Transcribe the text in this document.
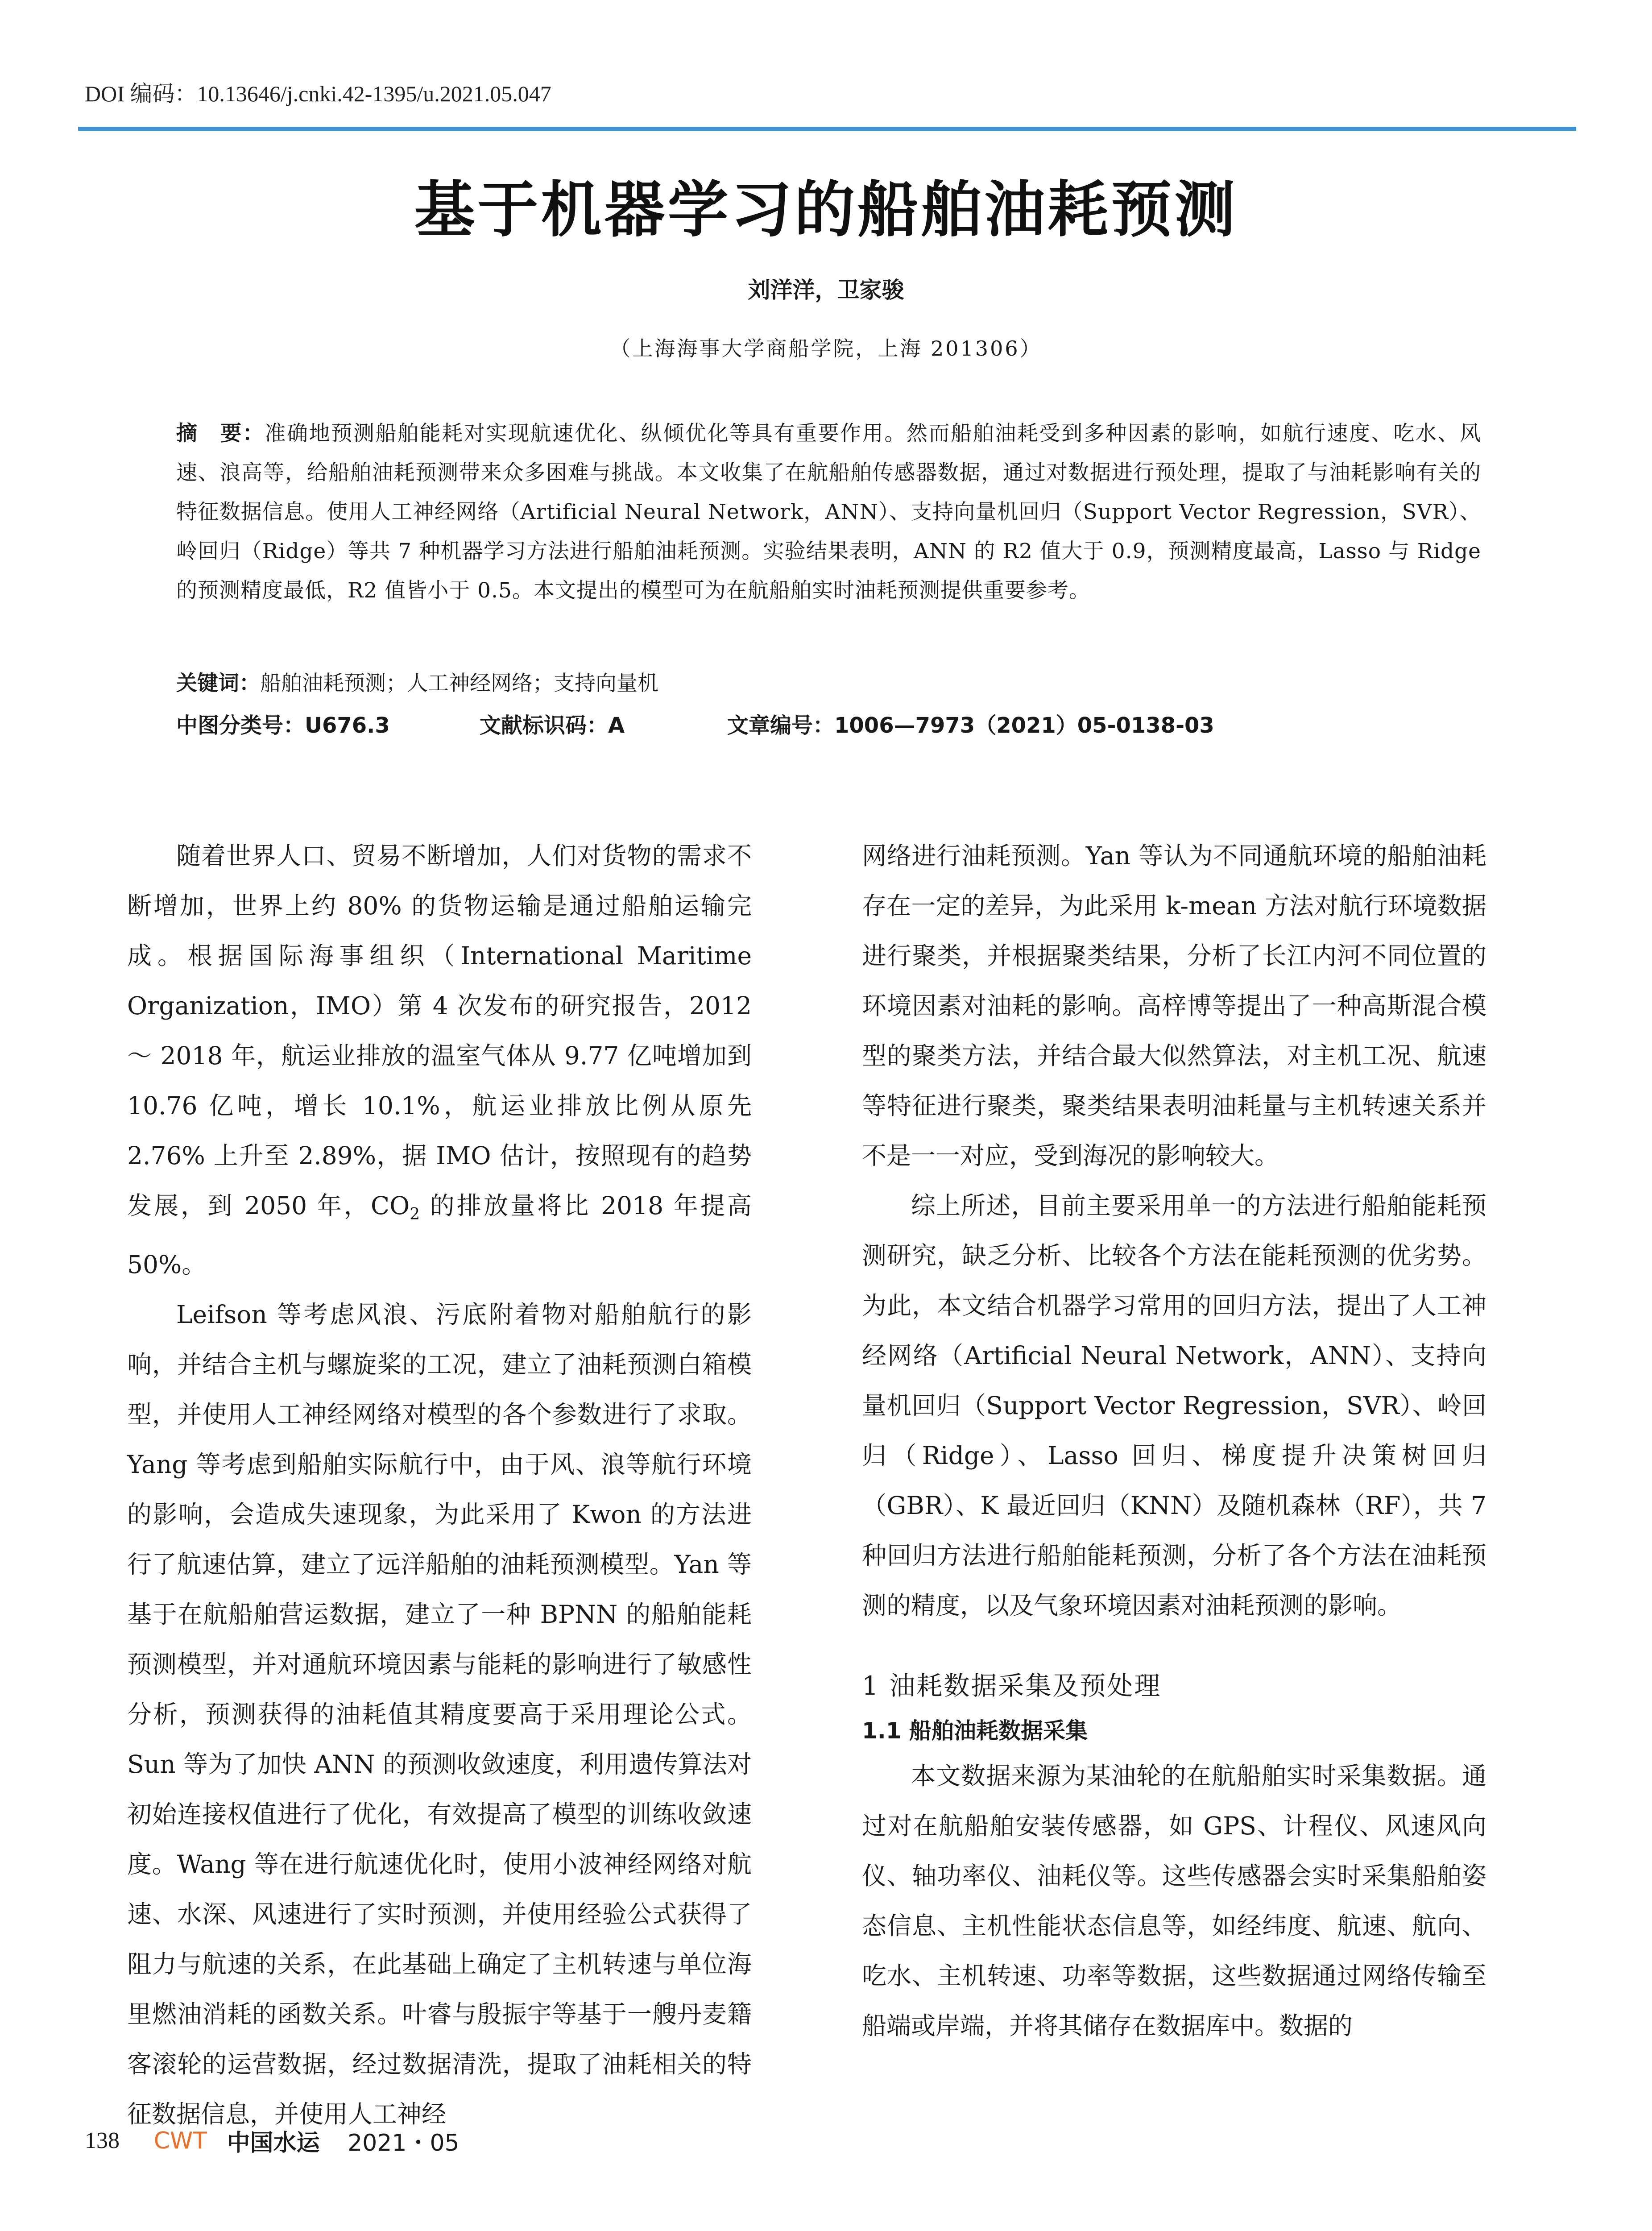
DOI 编码：10.13646/j.cnki.42-1395/u.2021.05.047
基于机器学习的船舶油耗预测
刘洋洋，卫家骏
（上海海事大学商船学院，上海 201306）
摘　要：准确地预测船舶能耗对实现航速优化、纵倾优化等具有重要作用。然而船舶油耗受到多种因素的影响，如航行速度、吃水、风速、浪高等，给船舶油耗预测带来众多困难与挑战。本文收集了在航船舶传感器数据，通过对数据进行预处理，提取了与油耗影响有关的特征数据信息。使用人工神经网络（Artificial Neural Network，ANN）、支持向量机回归（Support Vector Regression，SVR）、岭回归（Ridge）等共 7 种机器学习方法进行船舶油耗预测。实验结果表明，ANN 的 R2 值大于 0.9，预测精度最高，Lasso 与 Ridge 的预测精度最低，R2 值皆小于 0.5。本文提出的模型可为在航船舶实时油耗预测提供重要参考。
关键词：船舶油耗预测；人工神经网络；支持向量机
中图分类号：U676.3	文献标识码：A	文章编号：1006—7973（2021）05-0138-03

随着世界人口、贸易不断增加，人们对货物的需求不断增加，世界上约 80% 的货物运输是通过船舶运输完成。根据国际海事组织（International Maritime Organization，IMO）第 4 次发布的研究报告，2012 ～ 2018 年，航运业排放的温室气体从 9.77 亿吨增加到 10.76 亿吨，增长 10.1%，航运业排放比例从原先 2.76% 上升至 2.89%，据 IMO 估计，按照现有的趋势发展，到 2050 年，$CO_2$ 的排放量将比 2018 年提高 50%。

Leifson 等考虑风浪、污底附着物对船舶航行的影响，并结合主机与螺旋桨的工况，建立了油耗预测白箱模型，并使用人工神经网络对模型的各个参数进行了求取。Yang 等考虑到船舶实际航行中，由于风、浪等航行环境的影响，会造成失速现象，为此采用了 Kwon 的方法进行了航速估算，建立了远洋船舶的油耗预测模型。Yan 等基于在航船舶营运数据，建立了一种 BPNN 的船舶能耗预测模型，并对通航环境因素与能耗的影响进行了敏感性分析，预测获得的油耗值其精度要高于采用理论公式。Sun 等为了加快 ANN 的预测收敛速度，利用遗传算法对初始连接权值进行了优化，有效提高了模型的训练收敛速度。Wang 等在进行航速优化时，使用小波神经网络对航速、水深、风速进行了实时预测，并使用经验公式获得了阻力与航速的关系，在此基础上确定了主机转速与单位海里燃油消耗的函数关系。叶睿与殷振宇等基于一艘丹麦籍客滚轮的运营数据，经过数据清洗，提取了油耗相关的特征数据信息，并使用人工神经

网络进行油耗预测。Yan 等认为不同通航环境的船舶油耗存在一定的差异，为此采用 k-mean 方法对航行环境数据进行聚类，并根据聚类结果，分析了长江内河不同位置的环境因素对油耗的影响。高梓博等提出了一种高斯混合模型的聚类方法，并结合最大似然算法，对主机工况、航速等特征进行聚类，聚类结果表明油耗量与主机转速关系并不是一一对应，受到海况的影响较大。

综上所述，目前主要采用单一的方法进行船舶能耗预测研究，缺乏分析、比较各个方法在能耗预测的优劣势。为此，本文结合机器学习常用的回归方法，提出了人工神经网络（Artificial Neural Network，ANN）、支持向量机回归（Support Vector Regression，SVR）、岭回归（Ridge）、Lasso 回归、梯度提升决策树回归（GBR）、K 最近回归（KNN）及随机森林（RF），共 7 种回归方法进行船舶能耗预测，分析了各个方法在油耗预测的精度，以及气象环境因素对油耗预测的影响。

1 油耗数据采集及预处理
1.1 船舶油耗数据采集

本文数据来源为某油轮的在航船舶实时采集数据。通过对在航船舶安装传感器，如 GPS、计程仪、风速风向仪、轴功率仪、油耗仪等。这些传感器会实时采集船舶姿态信息、主机性能状态信息等，如经纬度、航速、航向、吃水、主机转速、功率等数据，这些数据通过网络传输至船端或岸端，并将其储存在数据库中。数据的

138 CWT 中国水运 2021・05
